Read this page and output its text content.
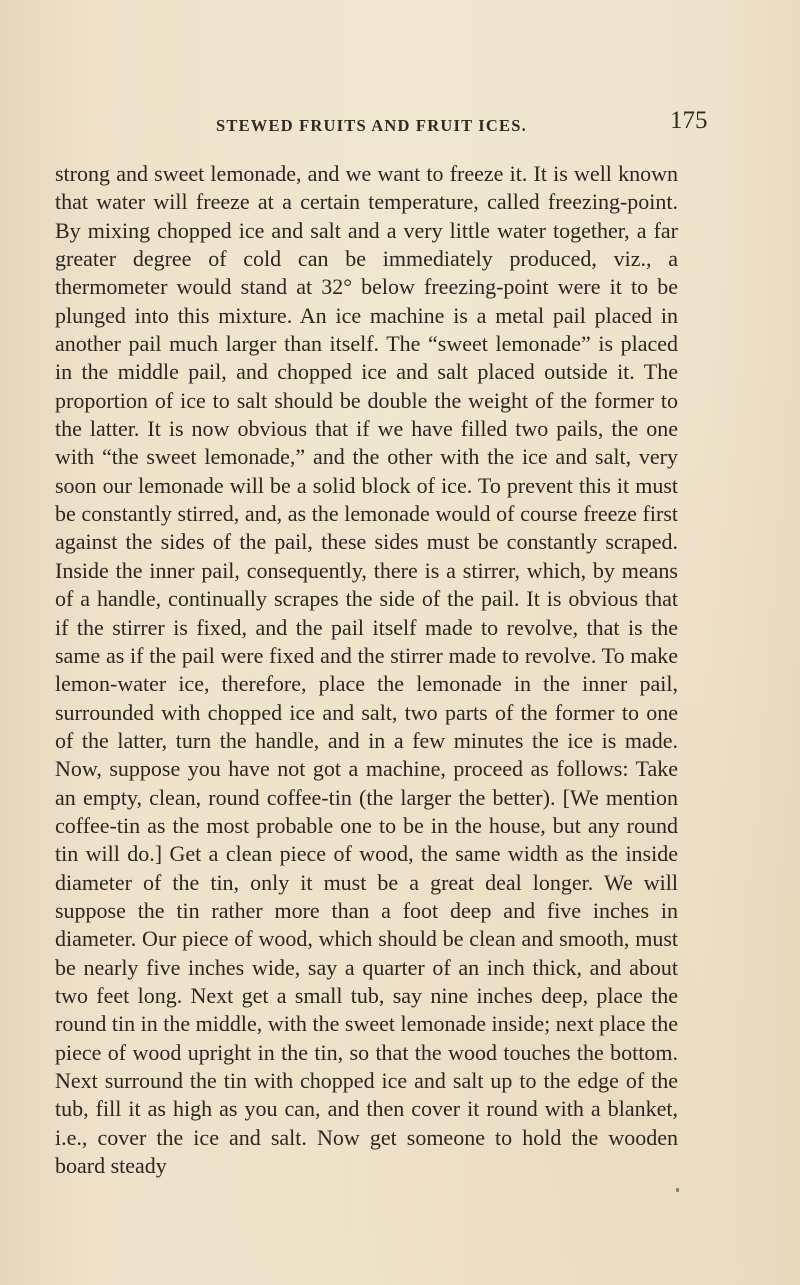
STEWED FRUITS AND FRUIT ICES.	175

strong and sweet lemonade, and we want to freeze it. It is well known that water will freeze at a certain temperature, called freezing-point. By mixing chopped ice and salt and a very little water together, a far greater degree of cold can be immediately produced, viz., a thermometer would stand at 32° below freezing-point were it to be plunged into this mixture. An ice machine is a metal pail placed in another pail much larger than itself. The “sweet lemonade” is placed in the middle pail, and chopped ice and salt placed outside it. The proportion of ice to salt should be double the weight of the former to the latter. It is now obvious that if we have filled two pails, the one with “the sweet lemonade,” and the other with the ice and salt, very soon our lemonade will be a solid block of ice. To prevent this it must be constantly stirred, and, as the lemonade would of course freeze first against the sides of the pail, these sides must be constantly scraped. Inside the inner pail, consequently, there is a stirrer, which, by means of a handle, continually scrapes the side of the pail. It is obvious that if the stirrer is fixed, and the pail itself made to revolve, that is the same as if the pail were fixed and the stirrer made to revolve. To make lemon-water ice, therefore, place the lemonade in the inner pail, surrounded with chopped ice and salt, two parts of the former to one of the latter, turn the handle, and in a few minutes the ice is made. Now, suppose you have not got a machine, proceed as follows: Take an empty, clean, round coffee-tin (the larger the better). [We mention coffee-tin as the most probable one to be in the house, but any round tin will do.] Get a clean piece of wood, the same width as the inside diameter of the tin, only it must be a great deal longer. We will suppose the tin rather more than a foot deep and five inches in diameter. Our piece of wood, which should be clean and smooth, must be nearly five inches wide, say a quarter of an inch thick, and about two feet long. Next get a small tub, say nine inches deep, place the round tin in the middle, with the sweet lemonade inside; next place the piece of wood upright in the tin, so that the wood touches the bottom. Next surround the tin with chopped ice and salt up to the edge of the tub, fill it as high as you can, and then cover it round with a blanket, i.e., cover the ice and salt. Now get someone to hold the wooden board steady
